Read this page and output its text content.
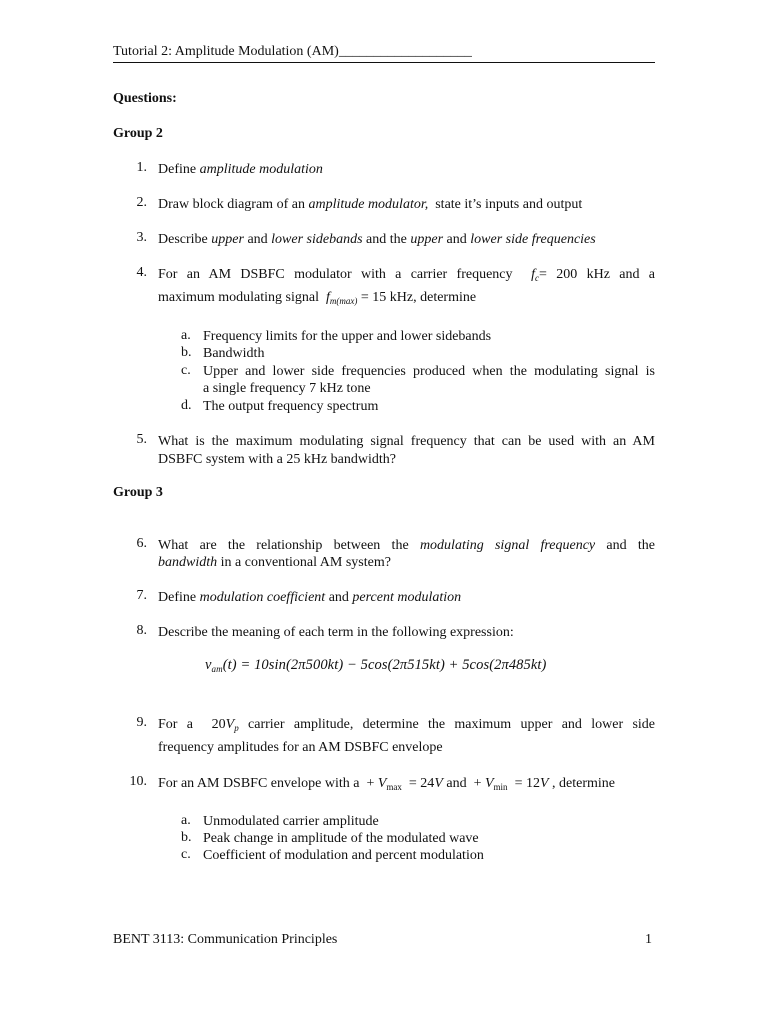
Tutorial 2: Amplitude Modulation (AM)___________________
Questions:
Group 2
1. Define amplitude modulation
2. Draw block diagram of an amplitude modulator,  state it’s inputs and output
3. Describe upper and lower sidebands and the upper and lower side frequencies
4. For an AM DSBFC modulator with a carrier frequency  $f_c= 200$ kHz and a
maximum modulating signal  $f_{m(max)} = 15$ kHz, determine
a. Frequency limits for the upper and lower sidebands
b. Bandwidth
c. Upper and lower side frequencies produced when the modulating signal is
a single frequency 7 kHz tone
d. The output frequency spectrum
5. What is the maximum modulating signal frequency that can be used with an AM
DSBFC system with a 25 kHz bandwidth?
Group 3
6. What are the relationship between the modulating signal frequency and the
bandwidth in a conventional AM system?
7. Define modulation coefficient and percent modulation
8. Describe the meaning of each term in the following expression:
$v_{am}(t) = 10\sin(2\pi 500kt) - 5\cos(2\pi 515kt) + 5\cos(2\pi 485kt)$
9. For a  $20V_p$ carrier amplitude, determine the maximum upper and lower side
frequency amplitudes for an AM DSBFC envelope
10. For an AM DSBFC envelope with $a + V_{max} = 24V$ and  + $V_{min} = 12V$ , determine
a. Unmodulated carrier amplitude
b. Peak change in amplitude of the modulated wave
c. Coefficient of modulation and percent modulation
BENT 3113: Communication Principles	1
